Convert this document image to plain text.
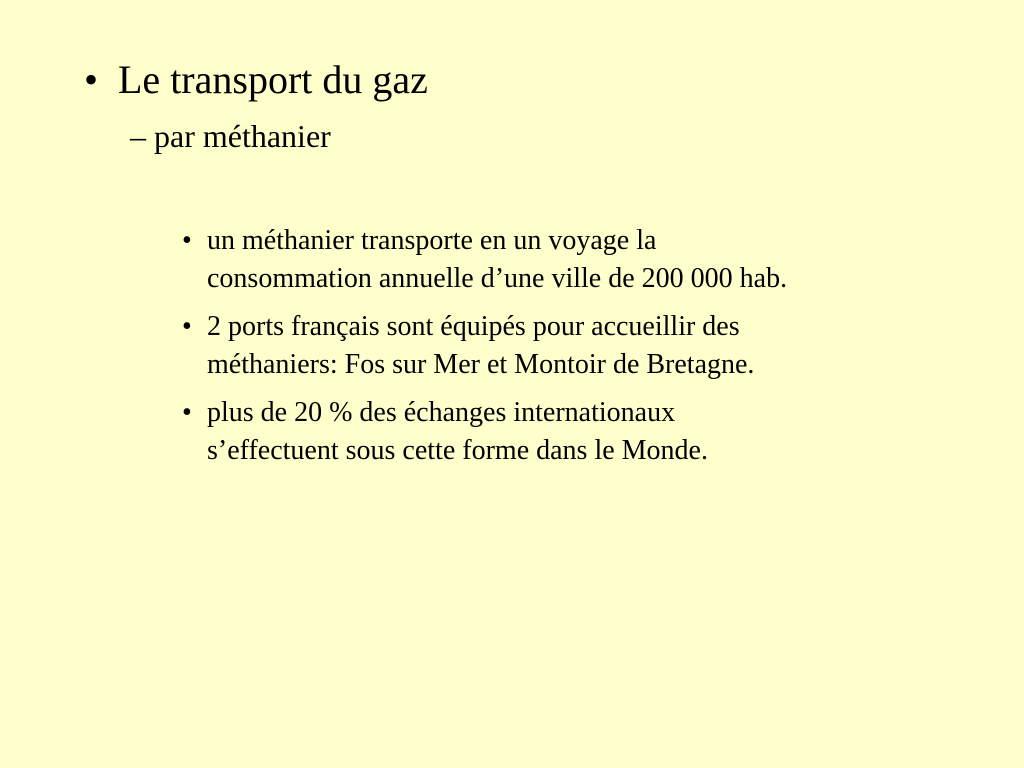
• Le transport du gaz
– par méthanier
• un méthanier transporte en un voyage la
consommation annuelle d’une ville de 200 000 hab.
• 2 ports français sont équipés pour accueillir des
méthaniers: Fos sur Mer et Montoir de Bretagne.
• plus de 20 % des échanges internationaux
s’effectuent sous cette forme dans le Monde.
